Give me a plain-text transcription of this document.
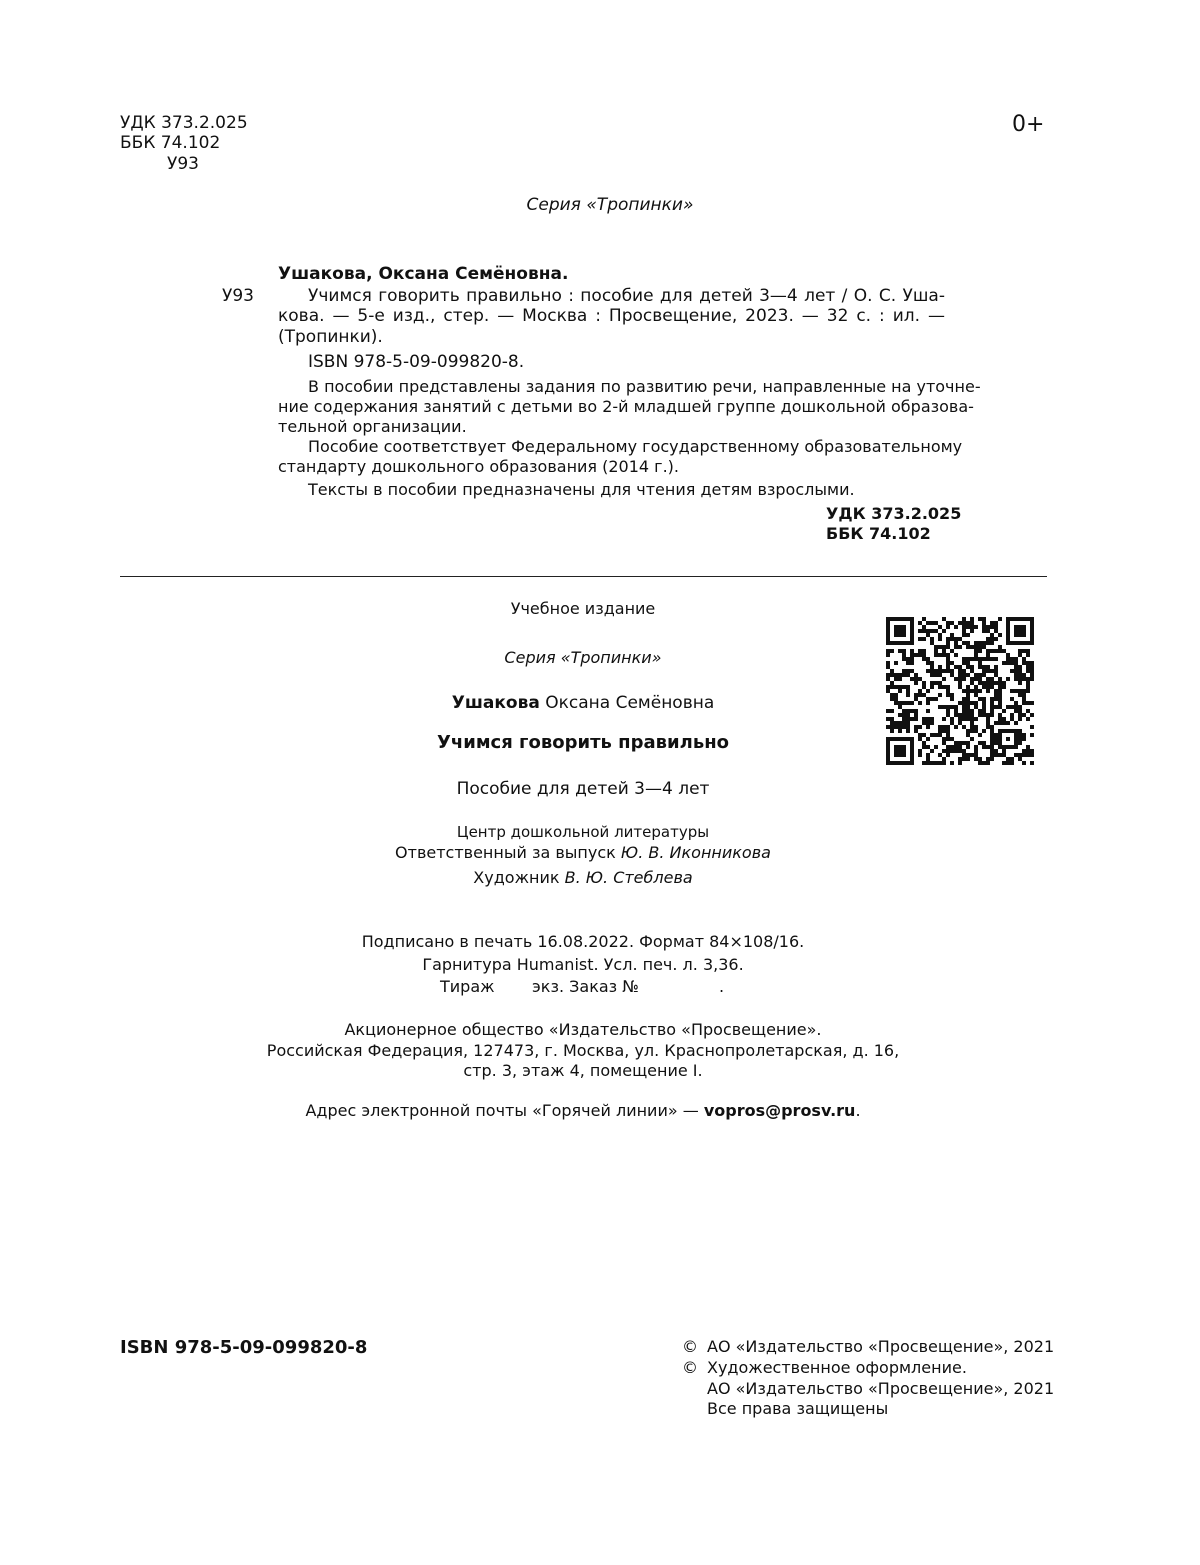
УДК 373.2.025
ББК 74.102
У93
0+
Серия «Тропинки»
Ушакова, Оксана Семёновна.
У93	Учимся говорить правильно : пособие для детей 3—4 лет / О. С. Уша-
кова. — 5-е изд., стер. — Москва : Просвещение, 2023. — 32 с. : ил. —
(Тропинки).
ISBN 978-5-09-099820-8.
В пособии представлены задания по развитию речи, направленные на уточне-
ние содержания занятий с детьми во 2-й младшей группе дошкольной образова-
тельной организации.
Пособие соответствует Федеральному государственному образовательному
стандарту дошкольного образования (2014 г.).
Тексты в пособии предназначены для чтения детям взрослыми.
УДК 373.2.025
ББК 74.102
Учебное издание
Серия «Тропинки»
Ушакова Оксана Семёновна
Учимся говорить правильно
Пособие для детей 3—4 лет
Центр дошкольной литературы
Ответственный за выпуск Ю. В. Иконникова
Художник В. Ю. Стеблева
Подписано в печать 16.08.2022. Формат 84×108/16.
Гарнитура Humanist. Усл. печ. л. 3,36.
Тираж экз. Заказ №	.
Акционерное общество «Издательство «Просвещение».
Российская Федерация, 127473, г. Москва, ул. Краснопролетарская, д. 16,
стр. 3, этаж 4, помещение I.
Адрес электронной почты «Горячей линии» — vopros@prosv.ru.
ISBN 978-5-09-099820-8	© АО «Издательство «Просвещение», 2021
© Художественное оформление.
АО «Издательство «Просвещение», 2021
Все права защищены
